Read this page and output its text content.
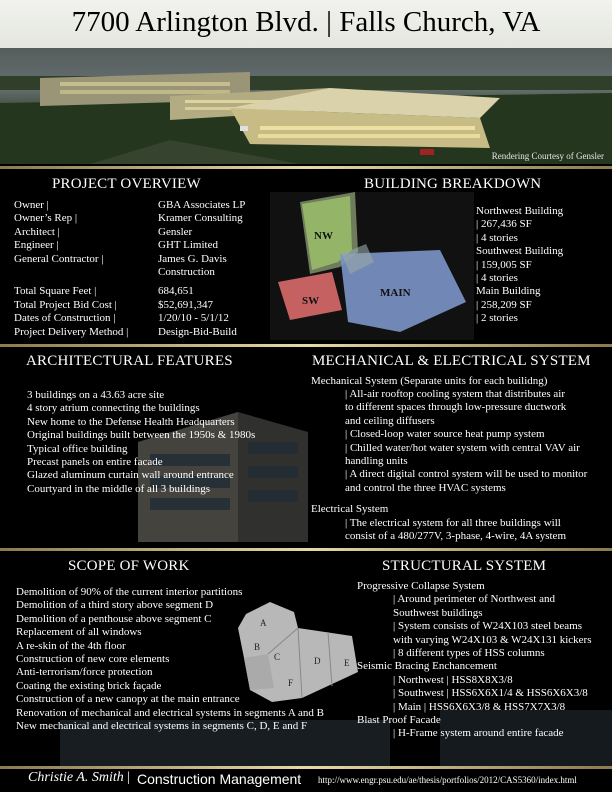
7700 Arlington Blvd. | Falls Church, VA
Rendering Courtesy of Gensler
PROJECT OVERVIEW
Owner |
Owner’s Rep |
Architect |
Engineer |
General Contractor |
Total Square Feet |
Total Project Bid Cost |
Dates of Construction |
Project Delivery Method |
GBA Associates LP
Kramer Consulting
Gensler
GHT Limited
James G. Davis
Construction
684,651
$52,691,347
1/20/10 - 5/1/12
Design-Bid-Build
BUILDING BREAKDOWN
NW
SW
MAIN
Northwest Building
| 267,436 SF
| 4 stories
Southwest Building
| 159,005 SF
| 4 stories
Main Building
| 258,209 SF
| 2 stories
ARCHITECTURAL FEATURES
3 buildings on a 43.63 acre site
4 story atrium connecting the buildings
New home to the Defense Health Headquarters
Original buildings built between the 1950s & 1980s
Typical office building
Precast panels on entire facade
Glazed aluminum curtain wall around entrance
Courtyard in the middle of all 3 buildings
MECHANICAL & ELECTRICAL SYSTEM
Mechanical System (Separate units for each builidng)
| All-air rooftop cooling system that distributes air
to different spaces through low-pressure ductwork
and ceiling diffusers
| Closed-loop water source heat pump system
| Chilled water/hot water system with central VAV air
handling units
| A direct digital control system will be used to monitor
and control the three HVAC systems
Electrical System
| The electrical system for all three buildings will
consist of a 480/277V, 3-phase, 4-wire, 4A system
A
B
C	D	E
F
SCOPE OF WORK
Demolition of 90% of the current interior partitions
Demolition of a third story above segment D
Demolition of a penthouse above segment C
Replacement of all windows
A re-skin of the 4th floor
Construction of new core elements
Anti-terrorism/force protection
Coating the existing brick façade
Construction of a new canopy at the main entrance
Renovation of mechanical and electrical systems in segments A and B
New mechanical and electrical systems in segments C, D, E and F
STRUCTURAL SYSTEM
Progressive Collapse System
| Around perimeter of Northwest and
Southwest buildings
| System consists of W24X103 steel beams
with varying W24X103 & W24X131 kickers
| 8 different types of HSS columns
Seismic Bracing Enchancement
| Northwest | HSS8X8X3/8
| Southwest | HSS6X6X1/4 & HSS6X6X3/8
| Main | HSS6X6X3/8 & HSS7X7X3/8
Blast Proof Facade
| H-Frame system around entire facade
Christie A. Smith | Construction Management http://www.engr.psu.edu/ae/thesis/portfolios/2012/CAS5360/index.html
